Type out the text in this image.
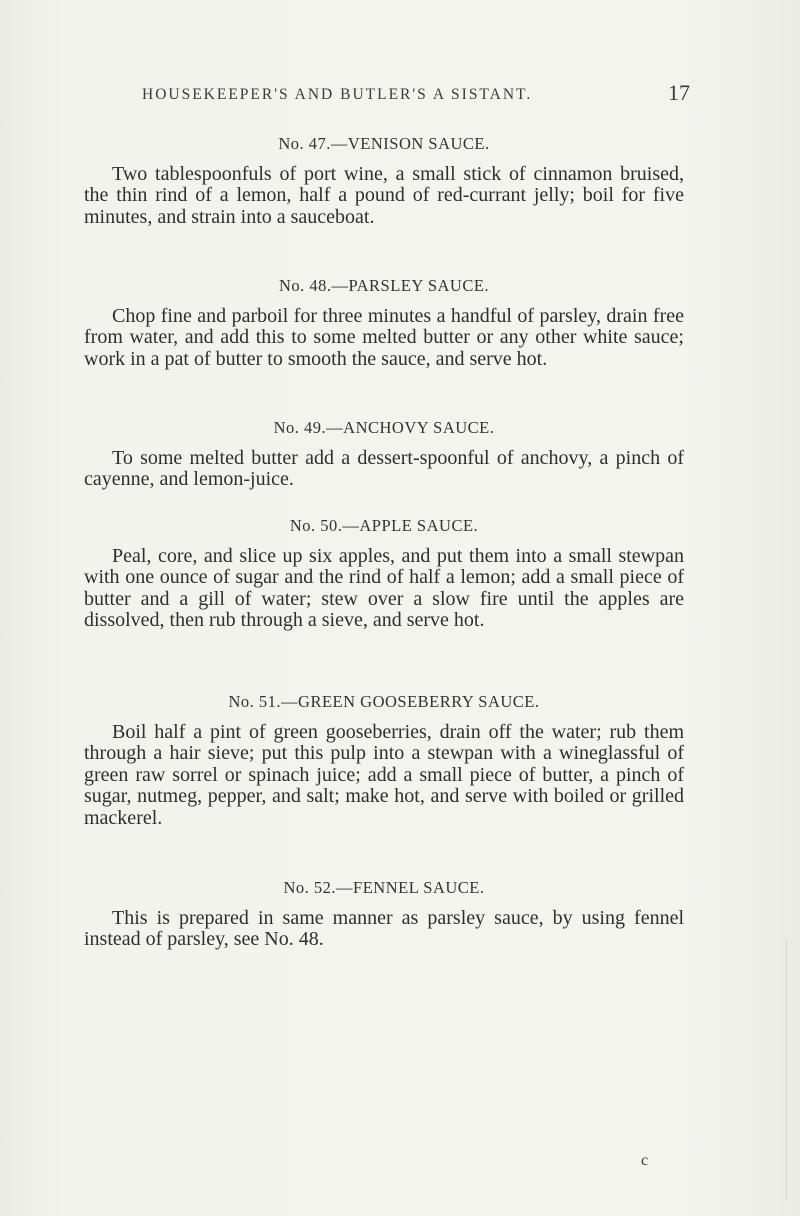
HOUSEKEEPER'S AND BUTLER'S A SISTANT.	17
No. 47.—VENISON SAUCE.

Two tablespoonfuls of port wine, a small stick of cinnamon bruised, the thin rind of a lemon, half a pound of red-currant jelly; boil for five minutes, and strain into a sauceboat.

No. 48.—PARSLEY SAUCE.

Chop fine and parboil for three minutes a handful of parsley, drain free from water, and add this to some melted butter or any other white sauce; work in a pat of butter to smooth the sauce, and serve hot.

No. 49.—ANCHOVY SAUCE.

To some melted butter add a dessert-spoonful of anchovy, a pinch of cayenne, and lemon-juice.

No. 50.—APPLE SAUCE.

Peal, core, and slice up six apples, and put them into a small stewpan with one ounce of sugar and the rind of half a lemon; add a small piece of butter and a gill of water; stew over a slow fire until the apples are dissolved, then rub through a sieve, and serve hot.

No. 51.—GREEN GOOSEBERRY SAUCE.

Boil half a pint of green gooseberries, drain off the water; rub them through a hair sieve; put this pulp into a stewpan with a wineglassful of green raw sorrel or spinach juice; add a small piece of butter, a pinch of sugar, nutmeg, pepper, and salt; make hot, and serve with boiled or grilled mackerel.

No. 52.—FENNEL SAUCE.

This is prepared in same manner as parsley sauce, by using fennel instead of parsley, see No. 48.

c
